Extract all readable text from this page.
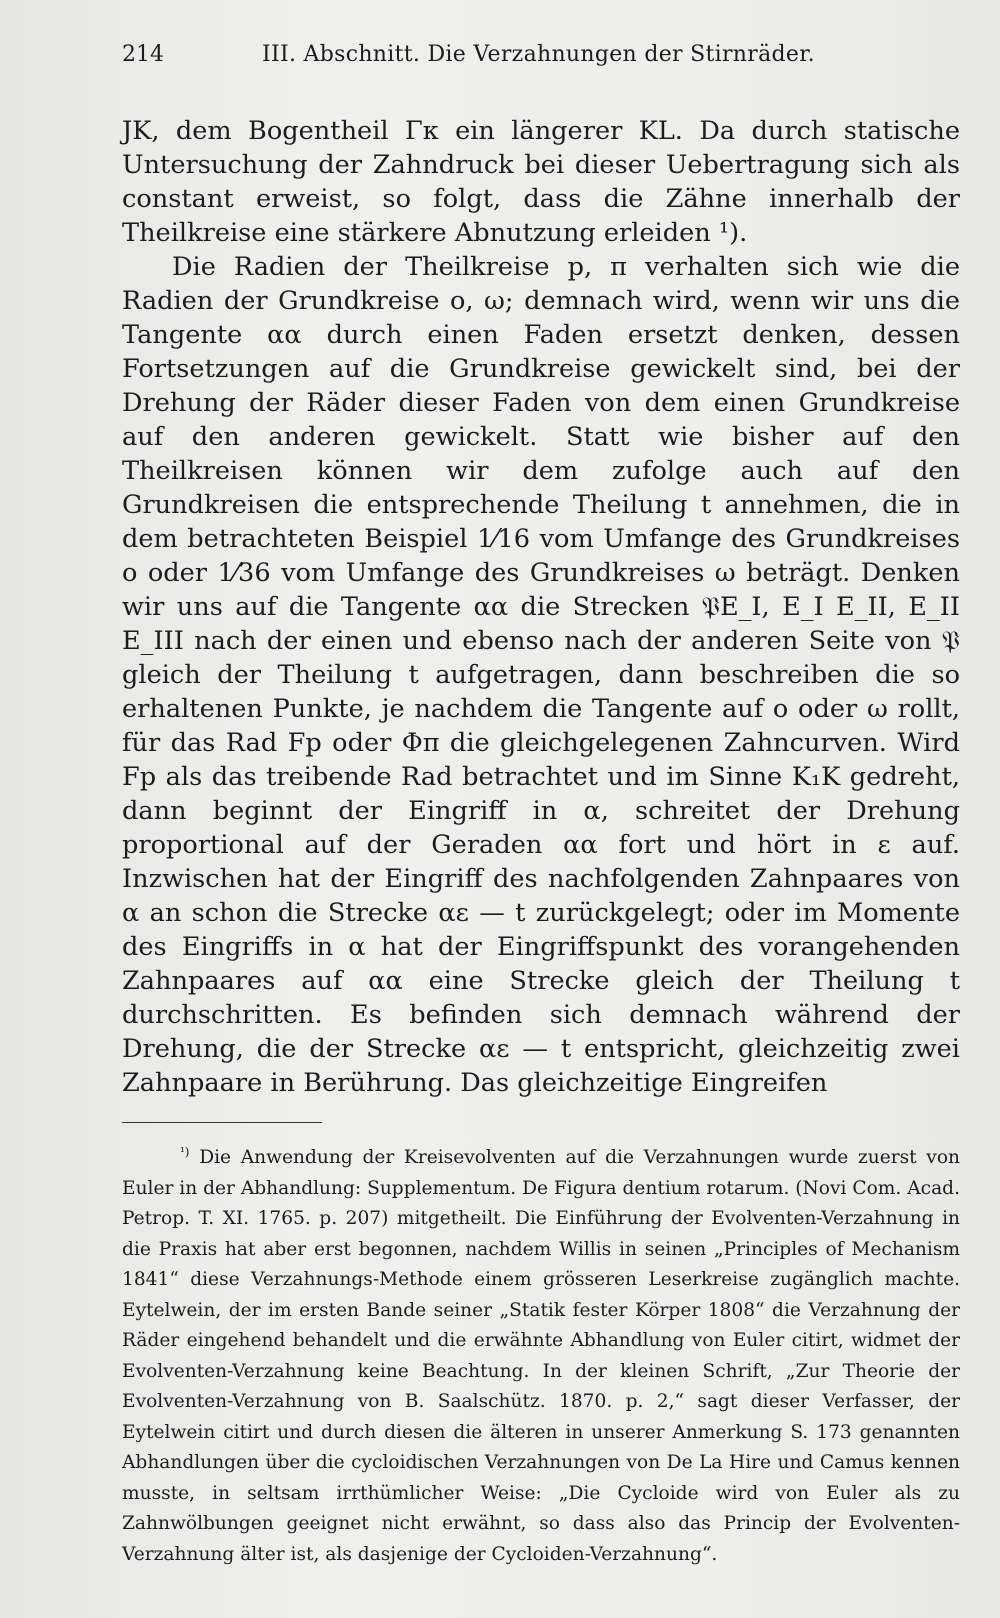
214	III. Abschnitt. Die Verzahnungen der Stirnräder.

JK, dem Bogentheil Γκ ein längerer KL. Da durch statische Untersuchung der Zahndruck bei dieser Uebertragung sich als constant erweist, so folgt, dass die Zähne innerhalb der Theilkreise eine stärkere Abnutzung erleiden ¹).

Die Radien der Theilkreise p, π verhalten sich wie die Radien der Grundkreise o, ω; demnach wird, wenn wir uns die Tangente αα durch einen Faden ersetzt denken, dessen Fortsetzungen auf die Grundkreise gewickelt sind, bei der Drehung der Räder dieser Faden von dem einen Grundkreise auf den anderen gewickelt. Statt wie bisher auf den Theilkreisen können wir dem zufolge auch auf den Grundkreisen die entsprechende Theilung t annehmen, die in dem betrachteten Beispiel 1⁄16 vom Umfange des Grundkreises o oder 1⁄36 vom Umfange des Grundkreises ω beträgt. Denken wir uns auf die Tangente αα die Strecken 𝔓E_I, E_I E_II, E_II E_III nach der einen und ebenso nach der anderen Seite von 𝔓 gleich der Theilung t aufgetragen, dann beschreiben die so erhaltenen Punkte, je nachdem die Tangente auf o oder ω rollt, für das Rad Fp oder Φπ die gleichgelegenen Zahncurven. Wird Fp als das treibende Rad betrachtet und im Sinne K₁K gedreht, dann beginnt der Eingriff in α, schreitet der Drehung proportional auf der Geraden αα fort und hört in ε auf. Inzwischen hat der Eingriff des nachfolgenden Zahnpaares von α an schon die Strecke αε — t zurückgelegt; oder im Momente des Eingriffs in α hat der Eingriffspunkt des vorangehenden Zahnpaares auf αα eine Strecke gleich der Theilung t durchschritten. Es befinden sich demnach während der Drehung, die der Strecke αε — t entspricht, gleichzeitig zwei Zahnpaare in Berührung. Das gleichzeitige Eingreifen

$^{^1)}$ Die Anwendung der Kreisevolventen auf die Verzahnungen wurde zuerst von Euler in der Abhandlung: Supplementum. De Figura dentium rotarum. (Novi Com. Acad. Petrop. T. XI. 1765. p. 207) mitgetheilt. Die Einführung der Evolventen-Verzahnung in die Praxis hat aber erst begonnen, nachdem Willis in seinen „Principles of Mechanism 1841“ diese Verzahnungs-Methode einem grösseren Leserkreise zugänglich machte. Eytelwein, der im ersten Bande seiner „Statik fester Körper 1808“ die Verzahnung der Räder eingehend behandelt und die erwähnte Abhandlung von Euler citirt, widmet der Evolventen-Verzahnung keine Beachtung. In der kleinen Schrift, „Zur Theorie der Evolventen-Verzahnung von B. Saalschütz. 1870. p. 2,“ sagt dieser Verfasser, der Eytelwein citirt und durch diesen die älteren in unserer Anmerkung S. 173 genannten Abhandlungen über die cycloidischen Verzahnungen von De La Hire und Camus kennen musste, in seltsam irrthümlicher Weise: „Die Cycloide wird von Euler als zu Zahnwölbungen geeignet nicht erwähnt, so dass also das Princip der Evolventen-Verzahnung älter ist, als dasjenige der Cycloiden-Verzahnung“.
